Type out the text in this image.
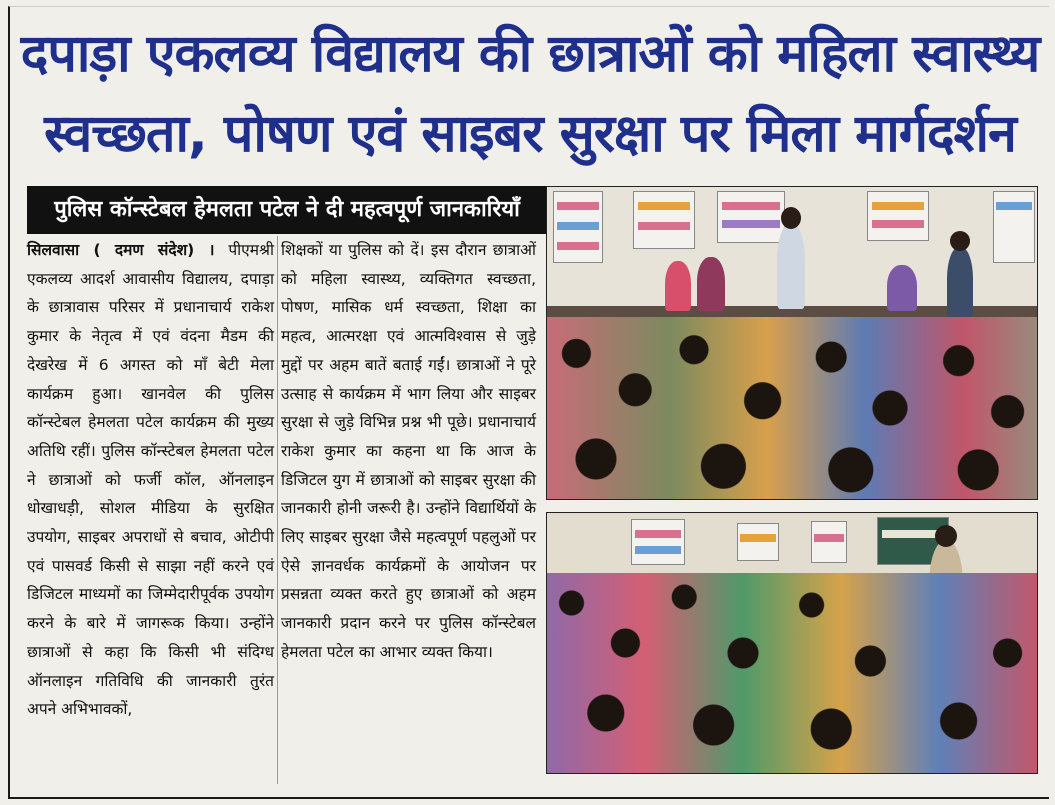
दपाड़ा एकलव्य विद्यालय की छात्राओं को महिला स्वास्थ्य
स्वच्छता, पोषण एवं साइबर सुरक्षा पर मिला मार्गदर्शन
पुलिस कॉन्स्टेबल हेमलता पटेल ने दी महत्वपूर्ण जानकारियाँ

सिलवासा ( दमण संदेश) । पीएमश्री एकलव्य आदर्श आवासीय विद्यालय, दपाड़ा के छात्रावास परिसर में प्रधानाचार्य राकेश कुमार के नेतृत्व में एवं वंदना मैडम की देखरेख में 6 अगस्त को माँ बेटी मेला कार्यक्रम हुआ। खानवेल की पुलिस कॉन्स्टेबल हेमलता पटेल कार्यक्रम की मुख्य अतिथि रहीं। पुलिस कॉन्स्टेबल हेमलता पटेल ने छात्राओं को फर्जी कॉल, ऑनलाइन धोखाधड़ी, सोशल मीडिया के सुरक्षित उपयोग, साइबर अपराधों से बचाव, ओटीपी एवं पासवर्ड किसी से साझा नहीं करने एवं डिजिटल माध्यमों का जिम्मेदारीपूर्वक उपयोग करने के बारे में जागरूक किया। उन्होंने छात्राओं से कहा कि किसी भी संदिग्ध ऑनलाइन गतिविधि की जानकारी तुरंत अपने अभिभावकों,

शिक्षकों या पुलिस को दें। इस दौरान छात्राओं को महिला स्वास्थ्य, व्यक्तिगत स्वच्छता, पोषण, मासिक धर्म स्वच्छता, शिक्षा का महत्व, आत्मरक्षा एवं आत्मविश्वास से जुड़े मुद्दों पर अहम बातें बताई गईं। छात्राओं ने पूरे उत्साह से कार्यक्रम में भाग लिया और साइबर सुरक्षा से जुड़े विभिन्न प्रश्न भी पूछे। प्रधानाचार्य राकेश कुमार का कहना था कि आज के डिजिटल युग में छात्राओं को साइबर सुरक्षा की जानकारी होनी जरूरी है। उन्होंने विद्यार्थियों के लिए साइबर सुरक्षा जैसे महत्वपूर्ण पहलुओं पर ऐसे ज्ञानवर्धक कार्यक्रमों के आयोजन पर प्रसन्नता व्यक्त करते हुए छात्राओं को अहम जानकारी प्रदान करने पर पुलिस कॉन्स्टेबल हेमलता पटेल का आभार व्यक्त किया।
